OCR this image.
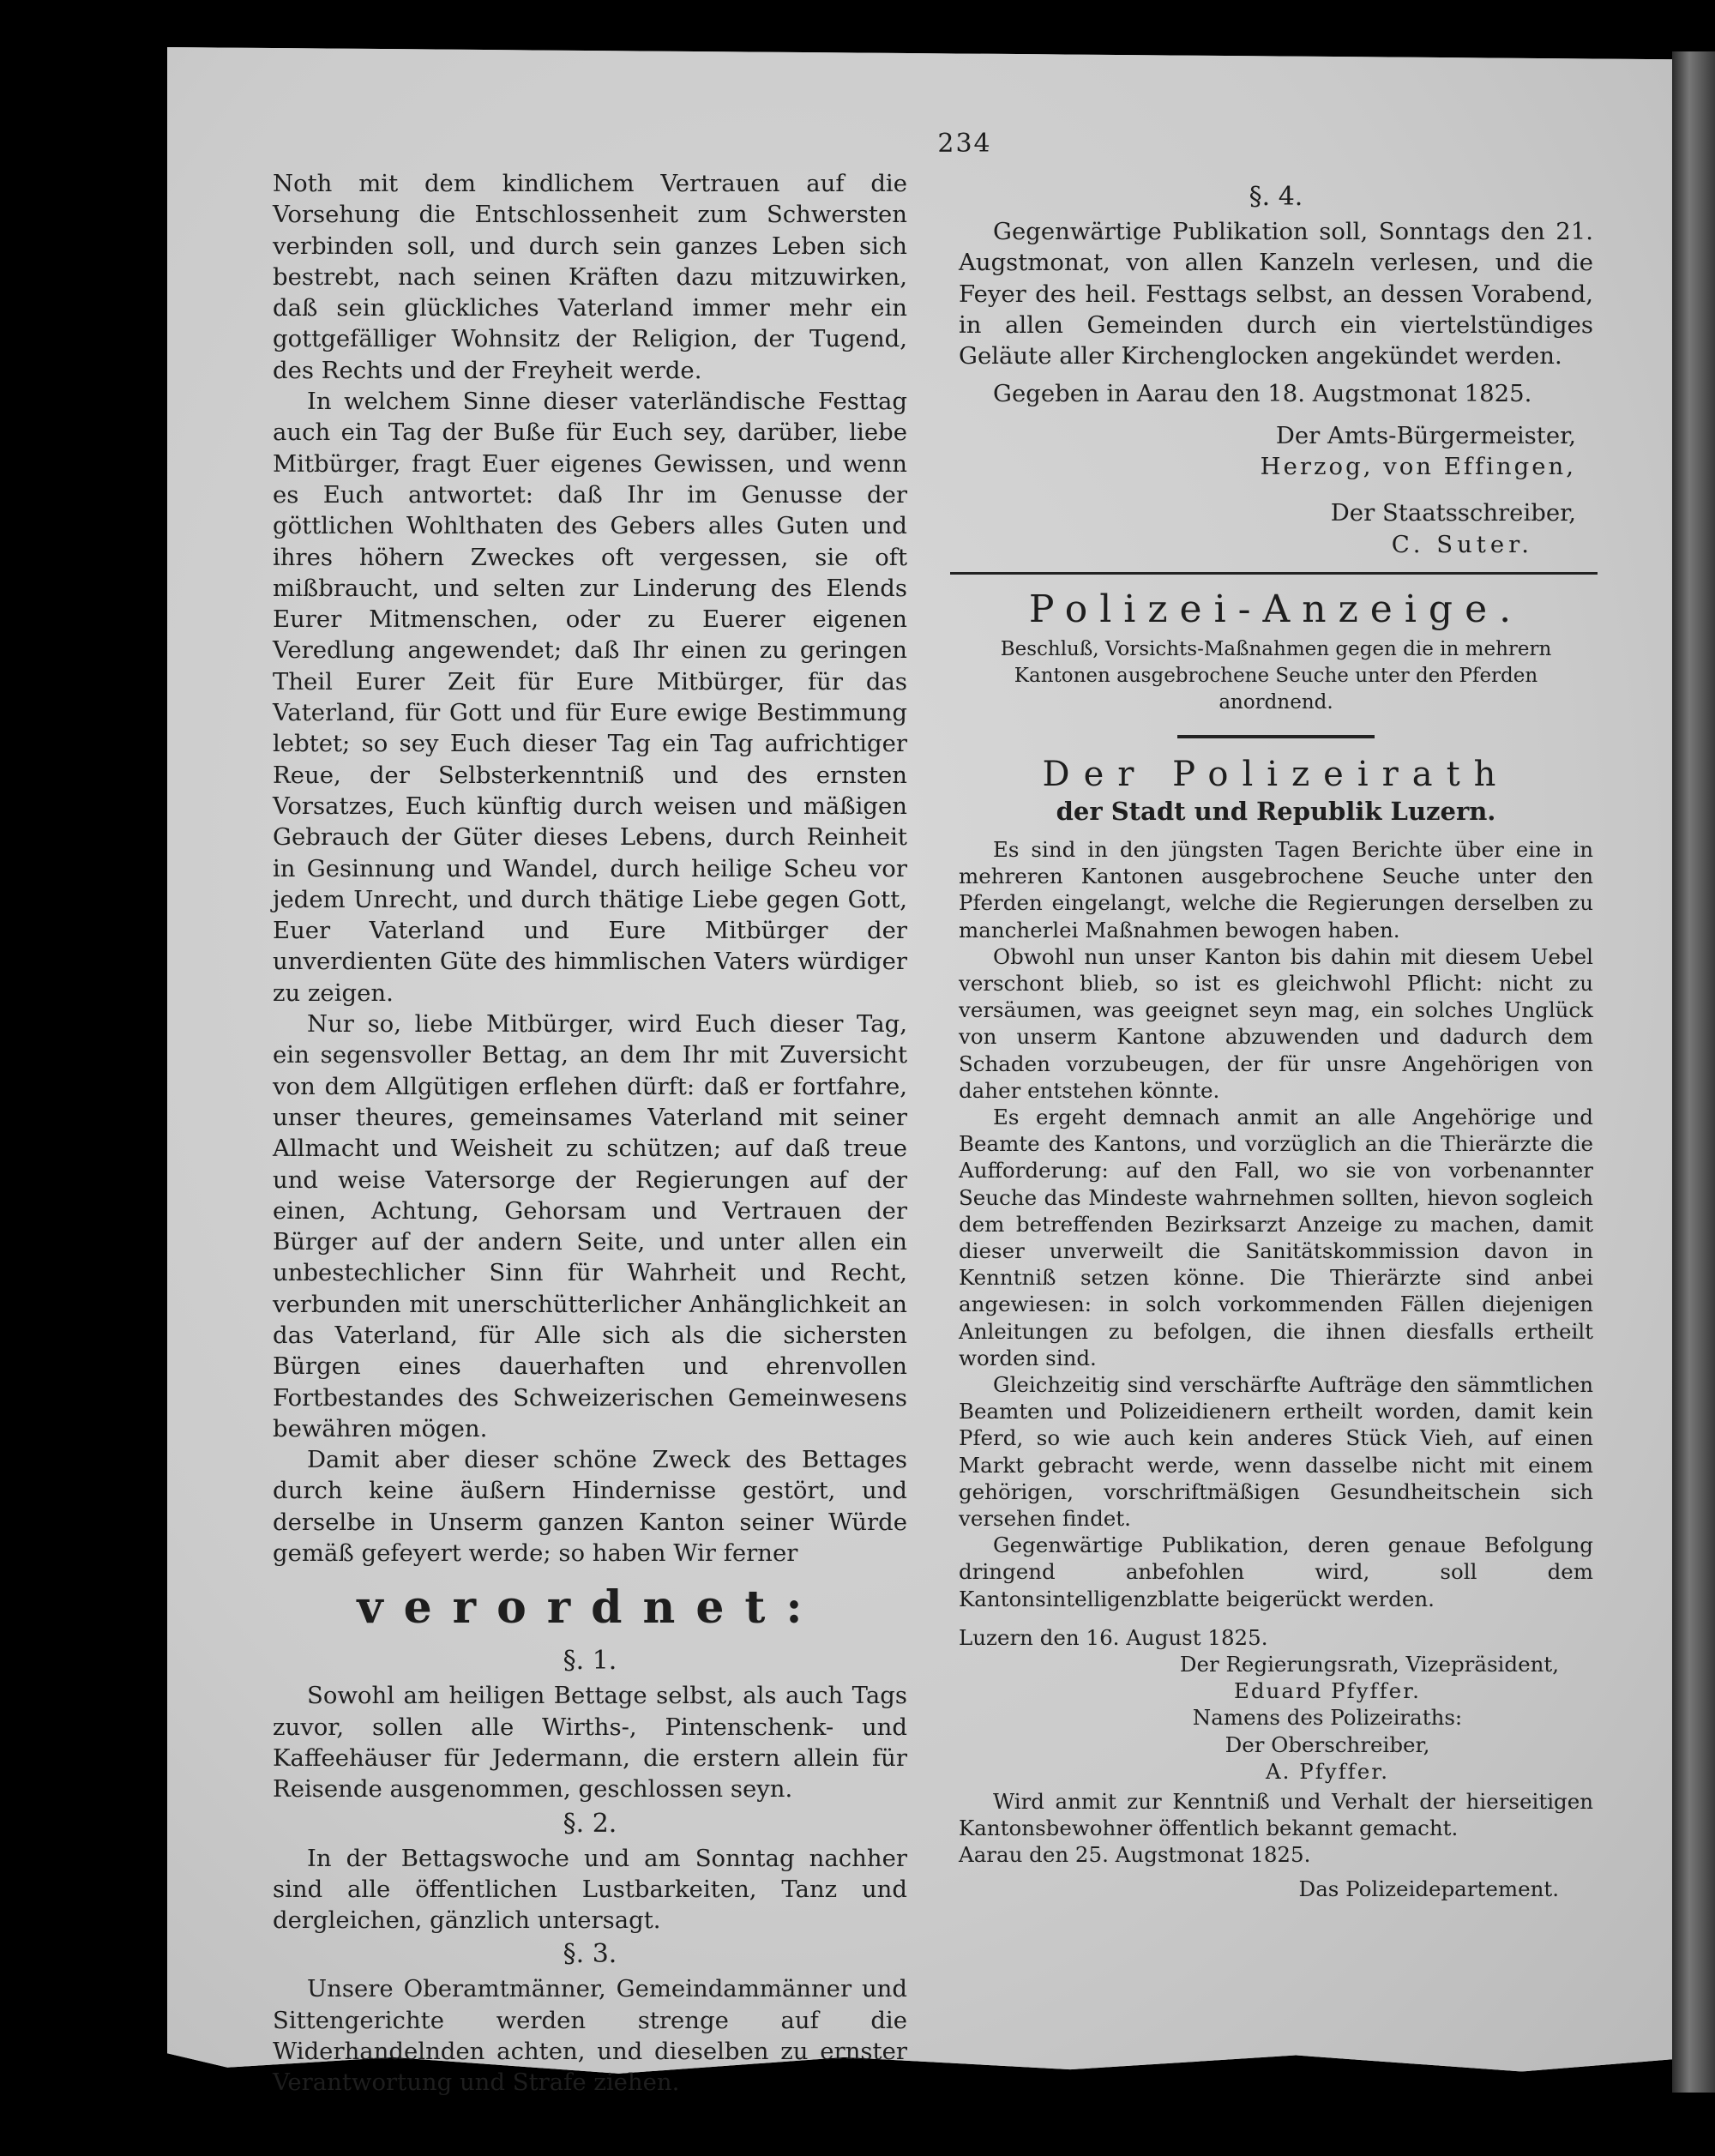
234

Noth mit dem kindlichem Vertrauen auf die Vorsehung die Entschlossenheit zum Schwersten verbinden soll, und durch sein ganzes Leben sich bestrebt, nach seinen Kräften dazu mitzuwirken, daß sein glückliches Vaterland immer mehr ein gottgefälliger Wohnsitz der Religion, der Tugend, des Rechts und der Freyheit werde.

In welchem Sinne dieser vaterländische Festtag auch ein Tag der Buße für Euch sey, darüber, liebe Mitbürger, fragt Euer eigenes Gewissen, und wenn es Euch antwortet: daß Ihr im Genusse der göttlichen Wohlthaten des Gebers alles Guten und ihres höhern Zweckes oft vergessen, sie oft mißbraucht, und selten zur Linderung des Elends Eurer Mitmenschen, oder zu Euerer eigenen Veredlung angewendet; daß Ihr einen zu geringen Theil Eurer Zeit für Eure Mitbürger, für das Vaterland, für Gott und für Eure ewige Bestimmung lebtet; so sey Euch dieser Tag ein Tag aufrichtiger Reue, der Selbsterkenntniß und des ernsten Vorsatzes, Euch künftig durch weisen und mäßigen Gebrauch der Güter dieses Lebens, durch Reinheit in Gesinnung und Wandel, durch heilige Scheu vor jedem Unrecht, und durch thätige Liebe gegen Gott, Euer Vaterland und Eure Mitbürger der unverdienten Güte des himmlischen Vaters würdiger zu zeigen.

Nur so, liebe Mitbürger, wird Euch dieser Tag, ein segensvoller Bettag, an dem Ihr mit Zuversicht von dem Allgütigen erflehen dürft: daß er fortfahre, unser theures, gemeinsames Vaterland mit seiner Allmacht und Weisheit zu schützen; auf daß treue und weise Vatersorge der Regierungen auf der einen, Achtung, Gehorsam und Vertrauen der Bürger auf der andern Seite, und unter allen ein unbestechlicher Sinn für Wahrheit und Recht, verbunden mit unerschütterlicher Anhänglichkeit an das Vaterland, für Alle sich als die sichersten Bürgen eines dauerhaften und ehrenvollen Fortbestandes des Schweizerischen Gemeinwesens bewähren mögen.

Damit aber dieser schöne Zweck des Bettages durch keine äußern Hindernisse gestört, und derselbe in Unserm ganzen Kanton seiner Würde gemäß gefeyert werde; so haben Wir ferner

verordnet:
§. 1.

Sowohl am heiligen Bettage selbst, als auch Tags zuvor, sollen alle Wirths-, Pintenschenk- und Kaffeehäuser für Jedermann, die erstern allein für Reisende ausgenommen, geschlossen seyn.

§. 2.

In der Bettagswoche und am Sonntag nachher sind alle öffentlichen Lustbarkeiten, Tanz und dergleichen, gänzlich untersagt.

§. 3.

Unsere Oberamtmänner, Gemeindammänner und Sittengerichte werden strenge auf die Widerhandelnden achten, und dieselben zu ernster Verantwortung und Strafe ziehen.

§. 4.

Gegenwärtige Publikation soll, Sonntags den 21. Augstmonat, von allen Kanzeln verlesen, und die Feyer des heil. Festtags selbst, an dessen Vorabend, in allen Gemeinden durch ein viertelstündiges Geläute aller Kirchenglocken angekündet werden.

Gegeben in Aarau den 18. Augstmonat 1825.

Der Amts-Bürgermeister,
Herzog, von Effingen,
Der Staatsschreiber,
C. Suter.
Polizei-Anzeige.

Beschluß, Vorsichts-Maßnahmen gegen die in mehrern Kantonen ausgebrochene Seuche unter den Pferden anordnend.

Der Polizeirath
der Stadt und Republik Luzern.

Es sind in den jüngsten Tagen Berichte über eine in mehreren Kantonen ausgebrochene Seuche unter den Pferden eingelangt, welche die Regierungen derselben zu mancherlei Maßnahmen bewogen haben.

Obwohl nun unser Kanton bis dahin mit diesem Uebel verschont blieb, so ist es gleichwohl Pflicht: nicht zu versäumen, was geeignet seyn mag, ein solches Unglück von unserm Kantone abzuwenden und dadurch dem Schaden vorzubeugen, der für unsre Angehörigen von daher entstehen könnte.

Es ergeht demnach anmit an alle Angehörige und Beamte des Kantons, und vorzüglich an die Thierärzte die Aufforderung: auf den Fall, wo sie von vorbenannter Seuche das Mindeste wahrnehmen sollten, hievon sogleich dem betreffenden Bezirksarzt Anzeige zu machen, damit dieser unverweilt die Sanitätskommission davon in Kenntniß setzen könne. Die Thierärzte sind anbei angewiesen: in solch vorkommenden Fällen diejenigen Anleitungen zu befolgen, die ihnen diesfalls ertheilt worden sind.

Gleichzeitig sind verschärfte Aufträge den sämmtlichen Beamten und Polizeidienern ertheilt worden, damit kein Pferd, so wie auch kein anderes Stück Vieh, auf einen Markt gebracht werde, wenn dasselbe nicht mit einem gehörigen, vorschriftmäßigen Gesundheitschein sich versehen findet.

Gegenwärtige Publikation, deren genaue Befolgung dringend anbefohlen wird, soll dem Kantonsintelligenzblatte beigerückt werden.

Luzern den 16. August 1825.

Der Regierungsrath, Vizepräsident,
Eduard Pfyffer.
Namens des Polizeiraths:
Der Oberschreiber,
A. Pfyffer.

Wird anmit zur Kenntniß und Verhalt der hierseitigen Kantonsbewohner öffentlich bekannt gemacht.

Aarau den 25. Augstmonat 1825.

Das Polizeidepartement.
